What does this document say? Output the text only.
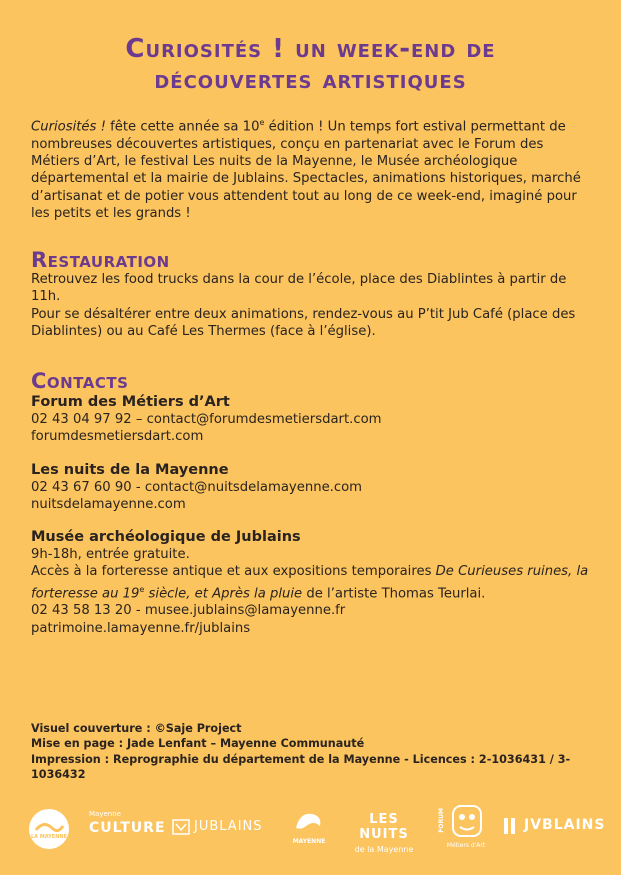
Curiosités ! un week-end de
découvertes artistiques

Curiosités ! fête cette année sa 10e édition ! Un temps fort estival permettant de nombreuses découvertes artistiques, conçu en partenariat avec le Forum des Métiers d’Art, le festival Les nuits de la Mayenne, le Musée archéologique départemental et la mairie de Jublains. Spectacles, animations historiques, marché d’artisanat et de potier vous attendent tout au long de ce week-end, imaginé pour les petits et les grands !

Restauration

Retrouvez les food trucks dans la cour de l’école, place des Diablintes à partir de 11h.

Pour se désaltérer entre deux animations, rendez-vous au P’tit Jub Café (place des Diablintes) ou au Café Les Thermes (face à l’église).

Contacts

Forum des Métiers d’Art

02 43 04 97 92 – contact@forumdesmetiersdart.com

forumdesmetiersdart.com

Les nuits de la Mayenne

02 43 67 60 90 - contact@nuitsdelamayenne.com

nuitsdelamayenne.com

Musée archéologique de Jublains

9h-18h, entrée gratuite.

Accès à la forteresse antique et aux expositions temporaires De Curieuses ruines, la forteresse au 19e siècle, et Après la pluie de l’artiste Thomas Teurlai.

02 43 58 13 20 - musee.jublains@lamayenne.fr

patrimoine.lamayenne.fr/jublains

Visuel couverture : ©Saje Project

Mise en page : Jade Lenfant – Mayenne Communauté

Impression : Reprographie du département de la Mayenne - Licences : 2-1036431 / 3-1036432

LA MAYENNE
Mayenne
CULTURE JUBLAINS
MAYENNE
LES NUITS
de la Mayenne
FORUM
Métiers d'Art
JVBLAINS
